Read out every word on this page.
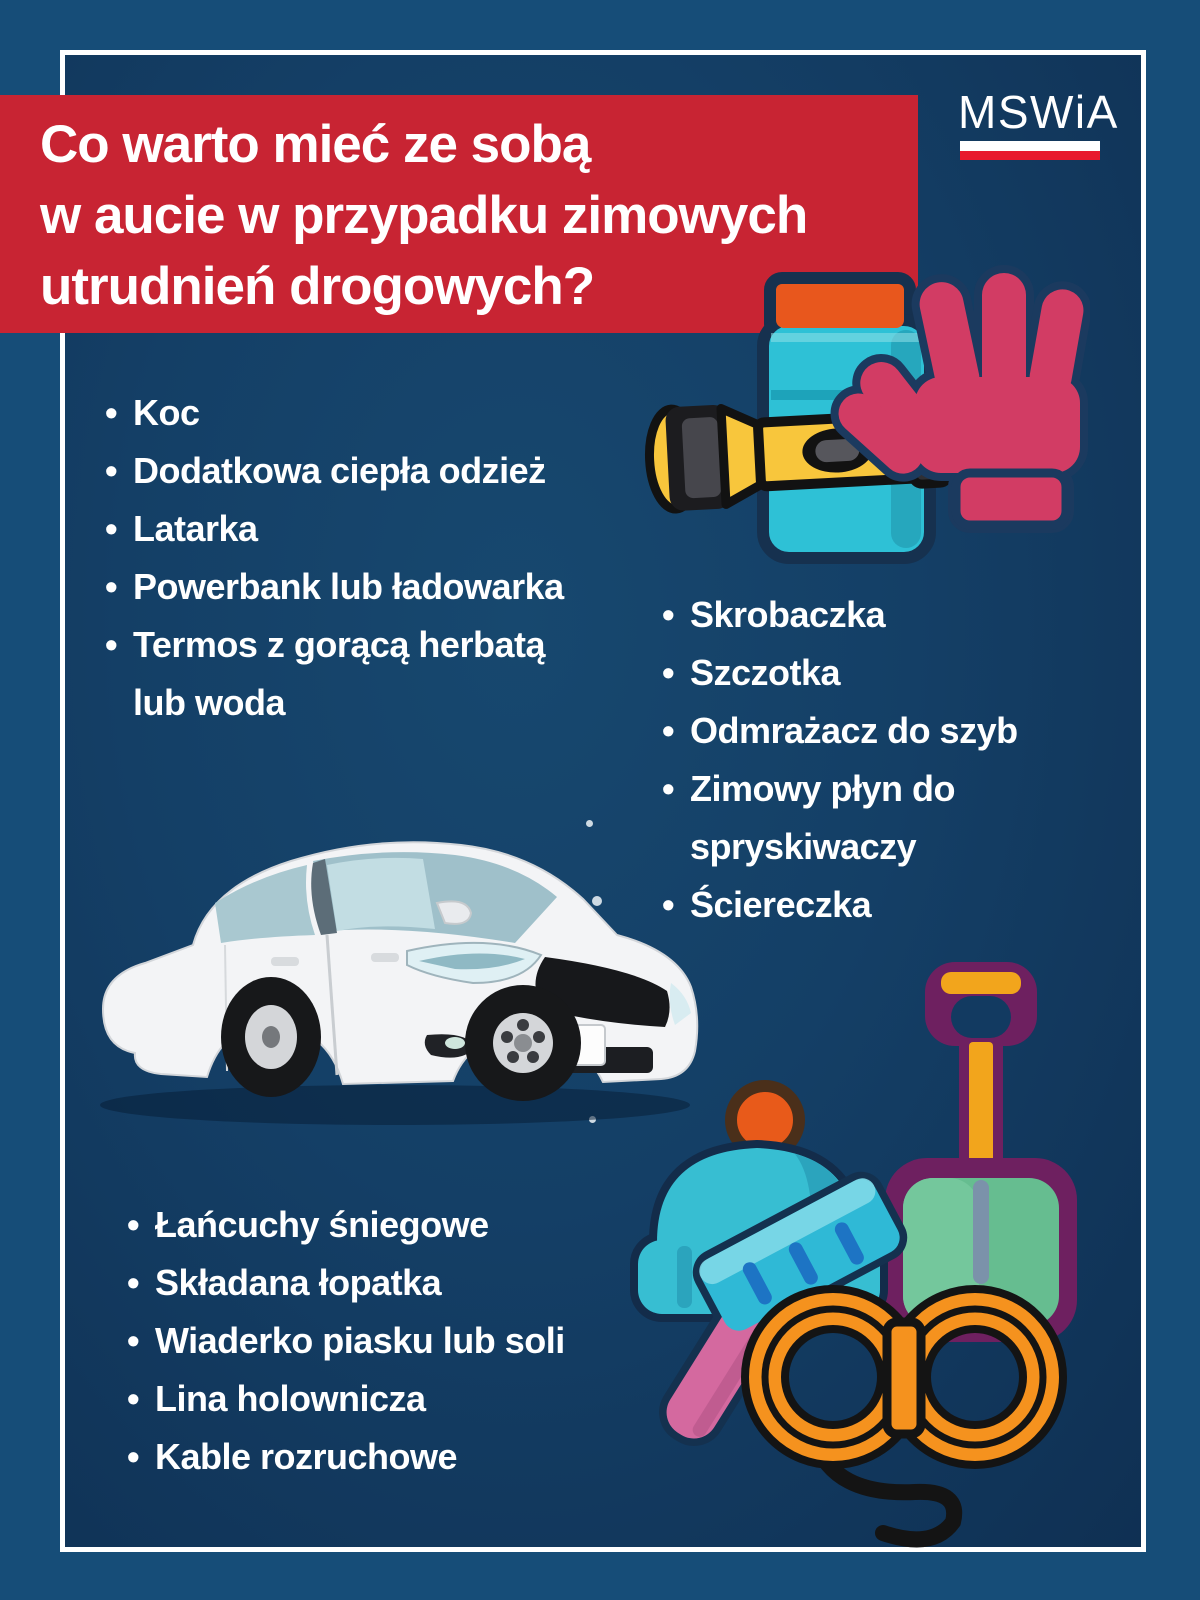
Co warto mieć ze sobą
w aucie w przypadku zimowych
utrudnień drogowych?
MSWiA
• Koc
• Dodatkowa ciepła odzież
• Latarka
• Powerbank lub ładowarka
• Termos z gorącą herbatą
lub woda
• Skrobaczka
• Szczotka
• Odmrażacz do szyb
• Zimowy płyn do
spryskiwaczy
• Ściereczka
• Łańcuchy śniegowe
• Składana łopatka
• Wiaderko piasku lub soli
• Lina holownicza
• Kable rozruchowe
